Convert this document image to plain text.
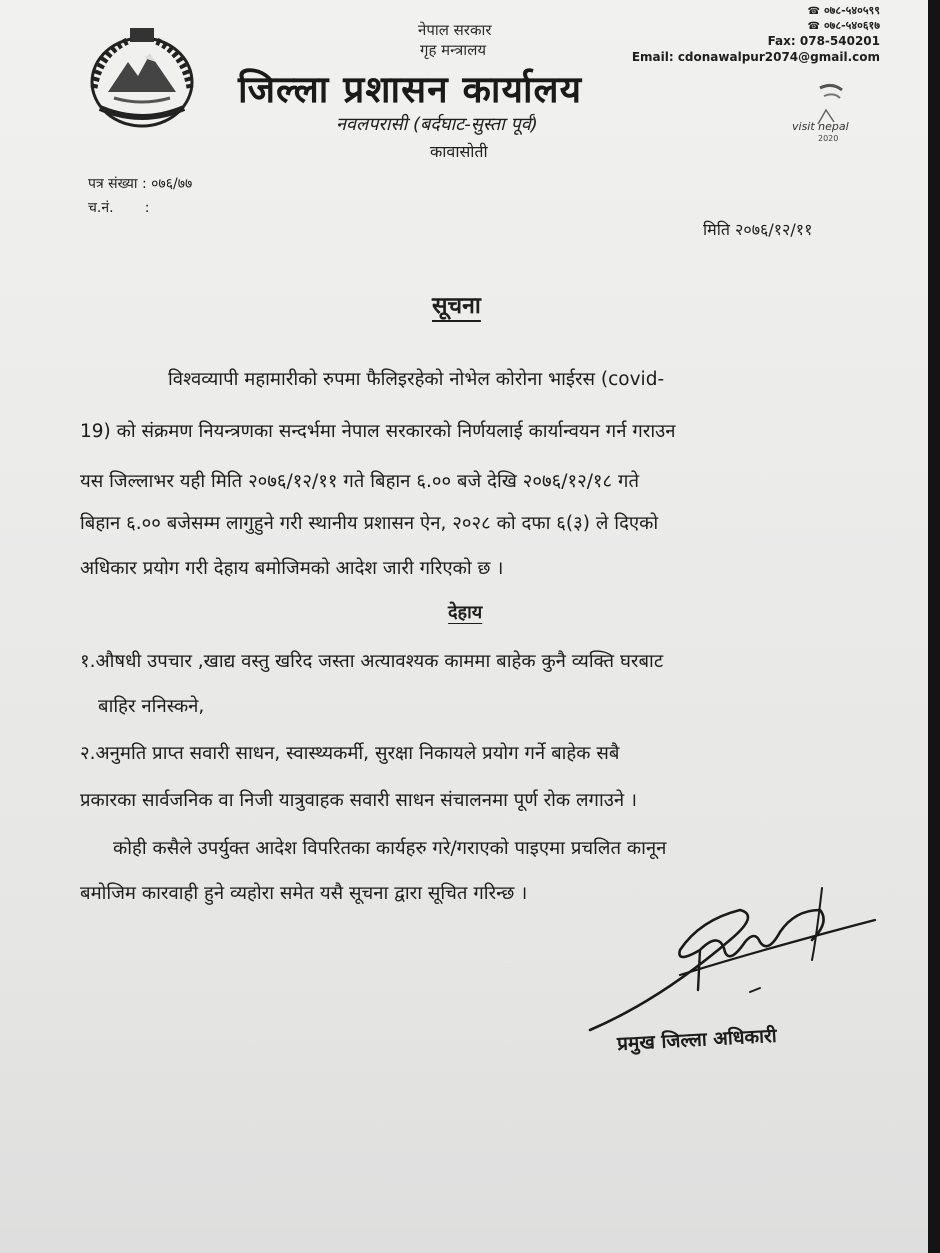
नेपाल सरकार
गृह मन्त्रालय
जिल्ला प्रशासन कार्यालय
नवलपरासी (बर्दघाट-सुस्ता पूर्व)
कावासोती
☎ ०७८-५४०५९९
☎ ०७८-५४०६१७
Fax: 078-540201
Email: cdonawalpur2074@gmail.com
visit nepal
2020
पत्र संख्या : ०७६/७७
च.नं.       :
मिति २०७६/१२/११
सूचना
विश्वव्यापी महामारीको रुपमा फैलिइरहेको नोभेल कोरोना भाईरस (covid-
19) को संक्रमण नियन्त्रणका सन्दर्भमा नेपाल सरकारको निर्णयलाई कार्यान्वयन गर्न गराउन
यस जिल्लाभर यही मिति २०७६/१२/११ गते बिहान ६.०० बजे देखि २०७६/१२/१८ गते
बिहान ६.०० बजेसम्म लागुहुने गरी स्थानीय प्रशासन ऐन, २०२८ को दफा ६(३) ले दिएको
अधिकार प्रयोग गरी देहाय बमोजिमको आदेश जारी गरिएको छ ।
देहाय
१.औषधी उपचार ,खाद्य वस्तु खरिद जस्ता अत्यावश्यक काममा बाहेक कुनै व्यक्ति घरबाट
बाहिर ननिस्कने,
२.अनुमति प्राप्त सवारी साधन, स्वास्थ्यकर्मी, सुरक्षा निकायले प्रयोग गर्ने बाहेक सबै
प्रकारका सार्वजनिक वा निजी यात्रुवाहक सवारी साधन संचालनमा पूर्ण रोक लगाउने ।
कोही कसैले उपर्युक्त आदेश विपरितका कार्यहरु गरे/गराएको पाइएमा प्रचलित कानून
बमोजिम कारवाही हुने व्यहोरा समेत यसै सूचना द्वारा सूचित गरिन्छ ।
प्रमुख जिल्ला अधिकारी
